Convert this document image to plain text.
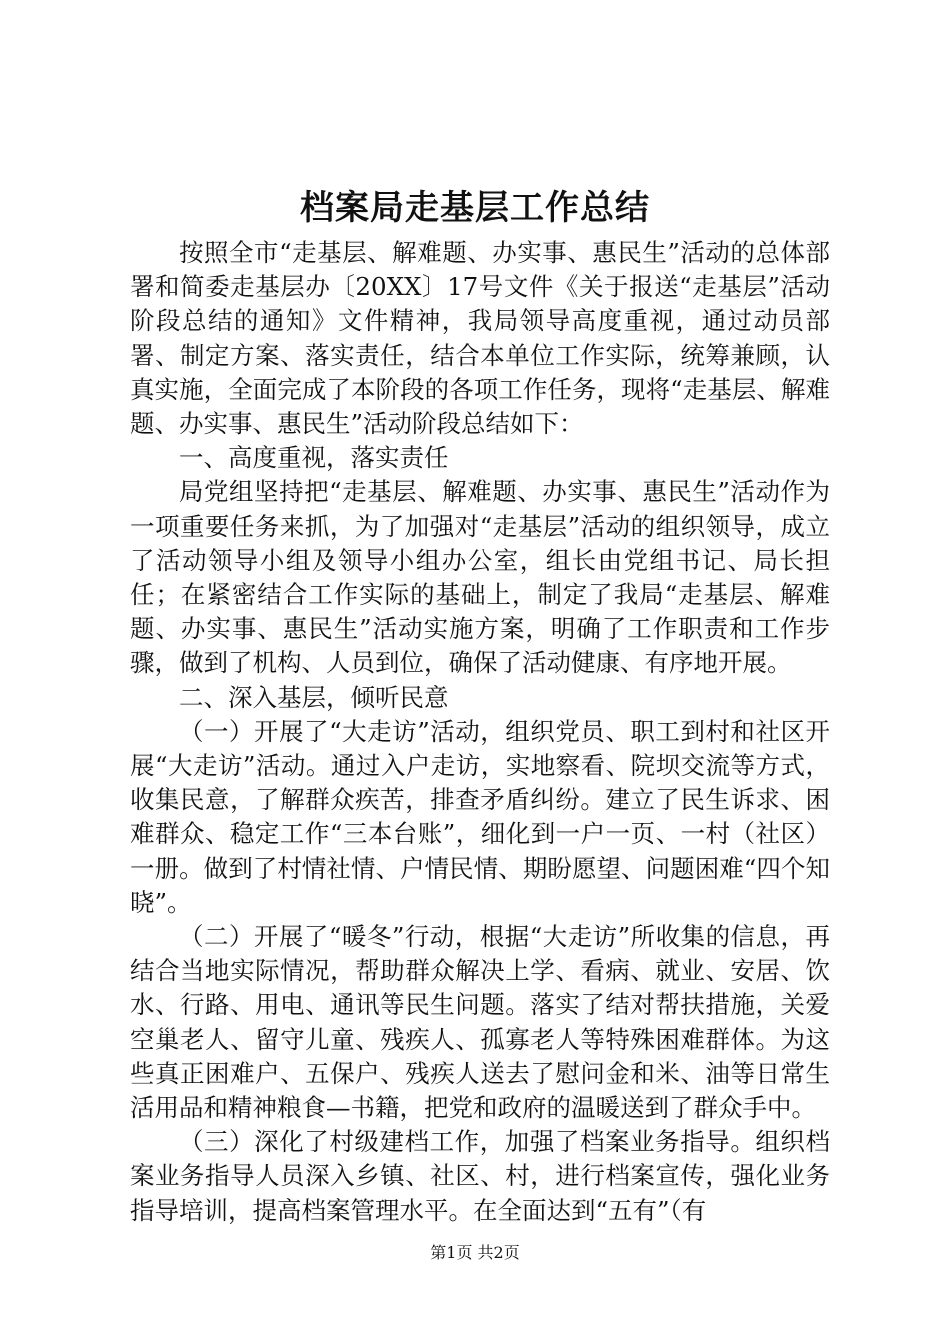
档案局走基层工作总结

按照全市“走基层、解难题、办实事、惠民生”活动的总体部署和简委走基层办〔20XX〕17号文件《关于报送“走基层”活动阶段总结的通知》文件精神，我局领导高度重视，通过动员部署、制定方案、落实责任，结合本单位工作实际，统筹兼顾，认真实施，全面完成了本阶段的各项工作任务，现将“走基层、解难题、办实事、惠民生”活动阶段总结如下：

一、高度重视，落实责任

局党组坚持把“走基层、解难题、办实事、惠民生”活动作为一项重要任务来抓，为了加强对“走基层”活动的组织领导，成立了活动领导小组及领导小组办公室，组长由党组书记、局长担任；在紧密结合工作实际的基础上，制定了我局“走基层、解难题、办实事、惠民生”活动实施方案，明确了工作职责和工作步骤，做到了机构、人员到位，确保了活动健康、有序地开展。

二、深入基层，倾听民意

（一）开展了“大走访”活动，组织党员、职工到村和社区开展“大走访”活动。通过入户走访，实地察看、院坝交流等方式，收集民意，了解群众疾苦，排查矛盾纠纷。建立了民生诉求、困难群众、稳定工作“三本台账”，细化到一户一页、一村（社区）一册。做到了村情社情、户情民情、期盼愿望、问题困难“四个知晓”。

（二）开展了“暖冬”行动，根据“大走访”所收集的信息，再结合当地实际情况，帮助群众解决上学、看病、就业、安居、饮水、行路、用电、通讯等民生问题。落实了结对帮扶措施，关爱空巢老人、留守儿童、残疾人、孤寡老人等特殊困难群体。为这些真正困难户、五保户、残疾人送去了慰问金和米、油等日常生活用品和精神粮食—书籍，把党和政府的温暖送到了群众手中。

（三）深化了村级建档工作，加强了档案业务指导。组织档案业务指导人员深入乡镇、社区、村，进行档案宣传，强化业务指导培训，提高档案管理水平。在全面达到“五有”（有

第1页 共2页
